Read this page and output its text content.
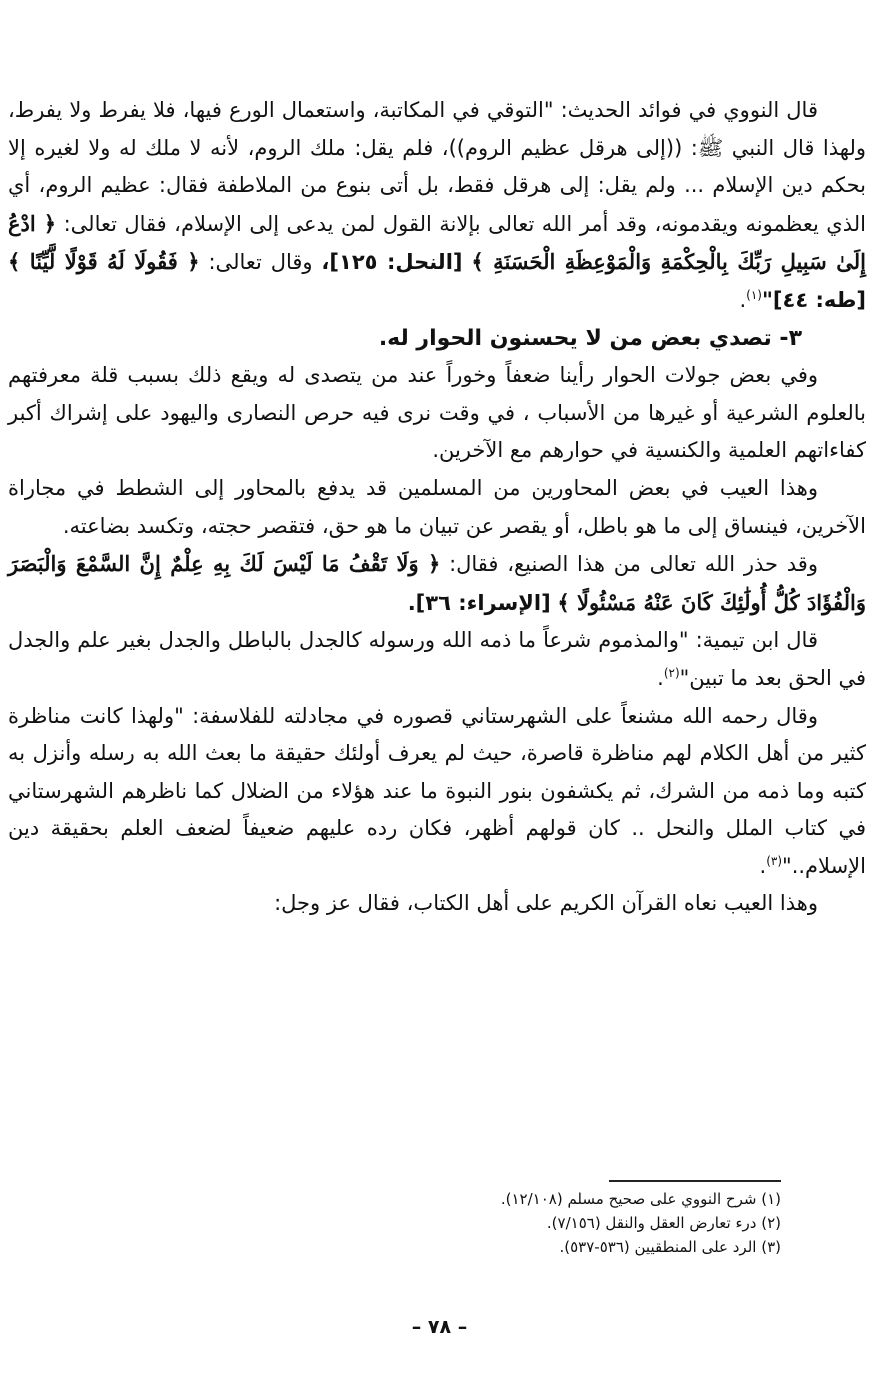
قال النووي في فوائد الحديث: "التوقي في المكاتبة، واستعمال الورع فيها، فلا يفرط ولا يفرط، ولهذا قال النبي ﷺ: ((إلى هرقل عظيم الروم))، فلم يقل: ملك الروم، لأنه لا ملك له ولا لغيره إلا بحكم دين الإسلام ... ولم يقل: إلى هرقل فقط، بل أتى بنوع من الملاطفة فقال: عظيم الروم، أي الذي يعظمونه ويقدمونه، وقد أمر الله تعالى بإلانة القول لمن يدعى إلى الإسلام، فقال تعالى: ﴿ ادْعُ إِلَىٰ سَبِيلِ رَبِّكَ بِالْحِكْمَةِ وَالْمَوْعِظَةِ الْحَسَنَةِ ﴾ [النحل: ١٢٥]، وقال تعالى: ﴿ فَقُولَا لَهُ قَوْلًا لَّيِّنًا ﴾ [طه: ٤٤]"$^{(١)}$.

٣- تصدي بعض من لا يحسنون الحوار له.

وفي بعض جولات الحوار رأينا ضعفاً وخوراً عند من يتصدى له ويقع ذلك بسبب قلة معرفتهم بالعلوم الشرعية أو غيرها من الأسباب ، في وقت نرى فيه حرص النصارى واليهود على إشراك أكبر كفاءاتهم العلمية والكنسية في حوارهم مع الآخرين.

وهذا العيب في بعض المحاورين من المسلمين قد يدفع بالمحاور إلى الشطط في مجاراة الآخرين، فينساق إلى ما هو باطل، أو يقصر عن تبيان ما هو حق، فتقصر حجته، وتكسد بضاعته.

وقد حذر الله تعالى من هذا الصنيع، فقال: ﴿ وَلَا تَقْفُ مَا لَيْسَ لَكَ بِهِ عِلْمٌ إِنَّ السَّمْعَ وَالْبَصَرَ وَالْفُؤَادَ كُلُّ أُولَٰئِكَ كَانَ عَنْهُ مَسْئُولًا ﴾ [الإسراء: ٣٦].

قال ابن تيمية: "والمذموم شرعاً ما ذمه الله ورسوله كالجدل بالباطل والجدل بغير علم والجدل في الحق بعد ما تبين"$^{(٢)}$.

وقال رحمه الله مشنعاً على الشهرستاني قصوره في مجادلته للفلاسفة: "ولهذا كانت مناظرة كثير من أهل الكلام لهم مناظرة قاصرة، حيث لم يعرف أولئك حقيقة ما بعث الله به رسله وأنزل به كتبه وما ذمه من الشرك، ثم يكشفون بنور النبوة ما عند هؤلاء من الضلال كما ناظرهم الشهرستاني في كتاب الملل والنحل .. كان قولهم أظهر، فكان رده عليهم ضعيفاً لضعف العلم بحقيقة دين الإسلام.."$^{(٣)}$.

وهذا العيب نعاه القرآن الكريم على أهل الكتاب، فقال عز وجل:

(١) شرح النووي على صحيح مسلم (١٢/١٠٨).
(٢) درء تعارض العقل والنقل (٧/١٥٦).
(٣) الرد على المنطقيين (٥٣٦-٥٣٧).
– ٧٨ –
